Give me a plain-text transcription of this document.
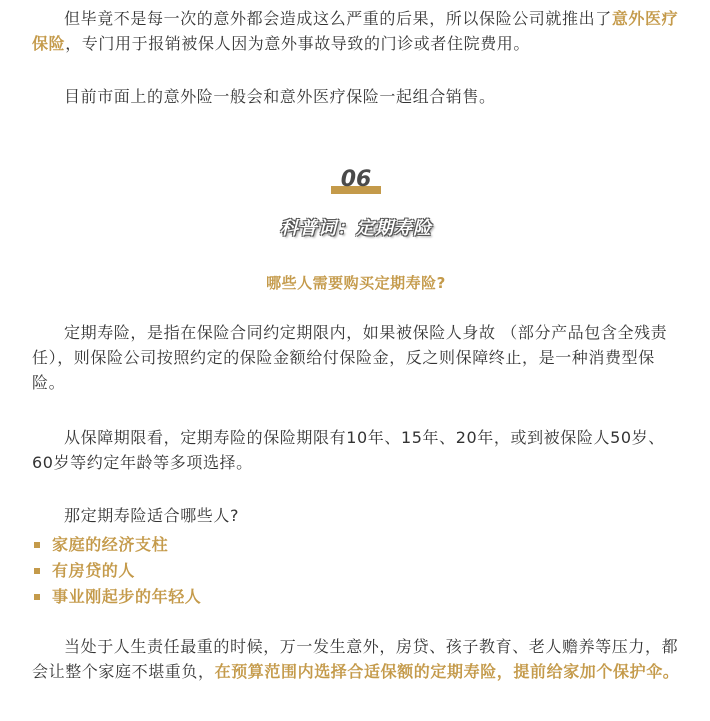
但毕竟不是每一次的意外都会造成这么严重的后果，所以保险公司就推出了意外医疗保险，专门用于报销被保人因为意外事故导致的门诊或者住院费用。

目前市面上的意外险一般会和意外医疗保险一起组合销售。

06
科普词：定期寿险
哪些人需要购买定期寿险?

定期寿险，是指在保险合同约定期限内，如果被保险人身故 （部分产品包含全残责任），则保险公司按照约定的保险金额给付保险金，反之则保障终止，是一种消费型保险。

从保障期限看，定期寿险的保险期限有10年、15年、20年，或到被保险人50岁、60岁等约定年龄等多项选择。

那定期寿险适合哪些人?

家庭的经济支柱
有房贷的人
事业刚起步的年轻人

当处于人生责任最重的时候，万一发生意外，房贷、孩子教育、老人赡养等压力，都会让整个家庭不堪重负，在预算范围内选择合适保额的定期寿险，提前给家加个保护伞。
